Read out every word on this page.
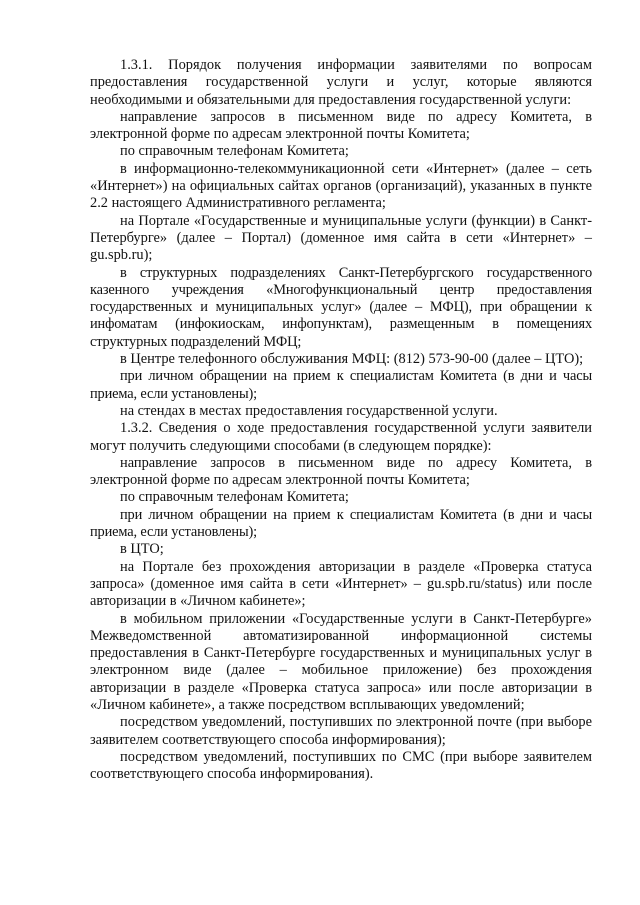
1.3.1. Порядок получения информации заявителями по вопросам предоставления государственной услуги и услуг, которые являются необходимыми и обязательными для предоставления государственной услуги:

направление запросов в письменном виде по адресу Комитета, в электронной форме по адресам электронной почты Комитета;

по справочным телефонам Комитета;

в информационно-телекоммуникационной сети «Интернет» (далее – сеть «Интернет») на официальных сайтах органов (организаций), указанных в пункте 2.2 настоящего Административного регламента;

на Портале «Государственные и муниципальные услуги (функции) в Санкт-Петербурге» (далее – Портал) (доменное имя сайта в сети «Интернет» – gu.spb.ru);

в структурных подразделениях Санкт-Петербургского государственного казенного учреждения «Многофункциональный центр предоставления государственных и муниципальных услуг» (далее – МФЦ), при обращении к инфоматам (инфокиоскам, инфопунктам), размещенным в помещениях структурных подразделений МФЦ;

в Центре телефонного обслуживания МФЦ: (812) 573-90-00 (далее – ЦТО);

при личном обращении на прием к специалистам Комитета (в дни и часы приема, если установлены);

на стендах в местах предоставления государственной услуги.

1.3.2. Сведения о ходе предоставления государственной услуги заявители могут получить следующими способами (в следующем порядке):

направление запросов в письменном виде по адресу Комитета, в электронной форме по адресам электронной почты Комитета;

по справочным телефонам Комитета;

при личном обращении на прием к специалистам Комитета (в дни и часы приема, если установлены);

в ЦТО;

на Портале без прохождения авторизации в разделе «Проверка статуса запроса» (доменное имя сайта в сети «Интернет» – gu.spb.ru/status) или после авторизации в «Личном кабинете»;

в мобильном приложении «Государственные услуги в Санкт-Петербурге» Межведомственной автоматизированной информационной системы предоставления в Санкт-Петербурге государственных и муниципальных услуг в электронном виде (далее – мобильное приложение) без прохождения авторизации в разделе «Проверка статуса запроса» или после авторизации в «Личном кабинете», а также посредством всплывающих уведомлений;

посредством уведомлений, поступивших по электронной почте (при выборе заявителем соответствующего способа информирования);

посредством уведомлений, поступивших по СМС (при выборе заявителем соответствующего способа информирования).
